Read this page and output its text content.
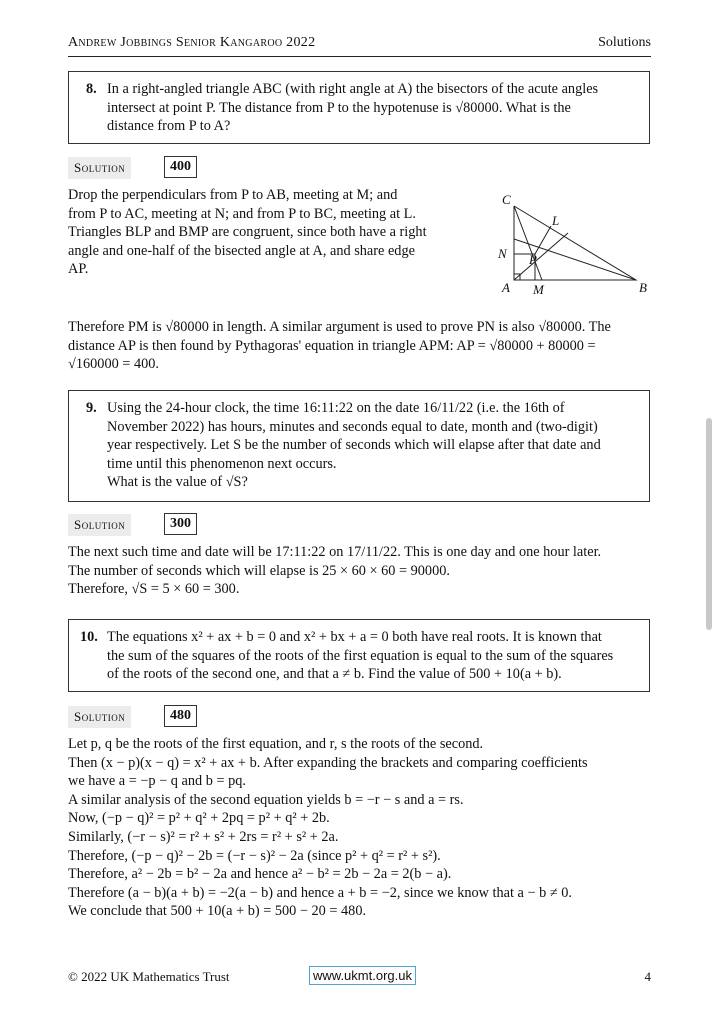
Andrew Jobbings Senior Kangaroo 2022	Solutions
8. In a right-angled triangle ABC (with right angle at A) the bisectors of the acute angles
intersect at point P. The distance from P to the hypotenuse is √80000. What is the
distance from P to A?
Solution	400
Drop the perpendiculars from P to AB, meeting at M; and
from P to AC, meeting at N; and from P to BC, meeting at L.
Triangles BLP and BMP are congruent, since both have a right
angle and one-half of the bisected angle at A, and share edge
AP.
C
L
N P
A M	B
Therefore PM is √80000 in length. A similar argument is used to prove PN is also √80000. The
distance AP is then found by Pythagoras' equation in triangle APM: AP = √80000 + 80000 =
√160000 = 400.
9. Using the 24-hour clock, the time 16:11:22 on the date 16/11/22 (i.e. the 16th of
November 2022) has hours, minutes and seconds equal to date, month and (two-digit)
year respectively. Let S be the number of seconds which will elapse after that date and
time until this phenomenon next occurs.
What is the value of √S?
Solution	300
The next such time and date will be 17:11:22 on 17/11/22. This is one day and one hour later.
The number of seconds which will elapse is 25 × 60 × 60 = 90000.
Therefore, √S = 5 × 60 = 300.
10. The equations x² + ax + b = 0 and x² + bx + a = 0 both have real roots. It is known that
the sum of the squares of the roots of the first equation is equal to the sum of the squares
of the roots of the second one, and that a ≠ b. Find the value of 500 + 10(a + b).
Solution	480
Let p, q be the roots of the first equation, and r, s the roots of the second.
Then (x − p)(x − q) = x² + ax + b. After expanding the brackets and comparing coefficients
we have a = −p − q and b = pq.
A similar analysis of the second equation yields b = −r − s and a = rs.
Now, (−p − q)² = p² + q² + 2pq = p² + q² + 2b.
Similarly, (−r − s)² = r² + s² + 2rs = r² + s² + 2a.
Therefore, (−p − q)² − 2b = (−r − s)² − 2a (since p² + q² = r² + s²).
Therefore, a² − 2b = b² − 2a and hence a² − b² = 2b − 2a = 2(b − a).
Therefore (a − b)(a + b) = −2(a − b) and hence a + b = −2, since we know that a − b ≠ 0.
We conclude that 500 + 10(a + b) = 500 − 20 = 480.
© 2022 UK Mathematics Trust	www.ukmt.org.uk	4
